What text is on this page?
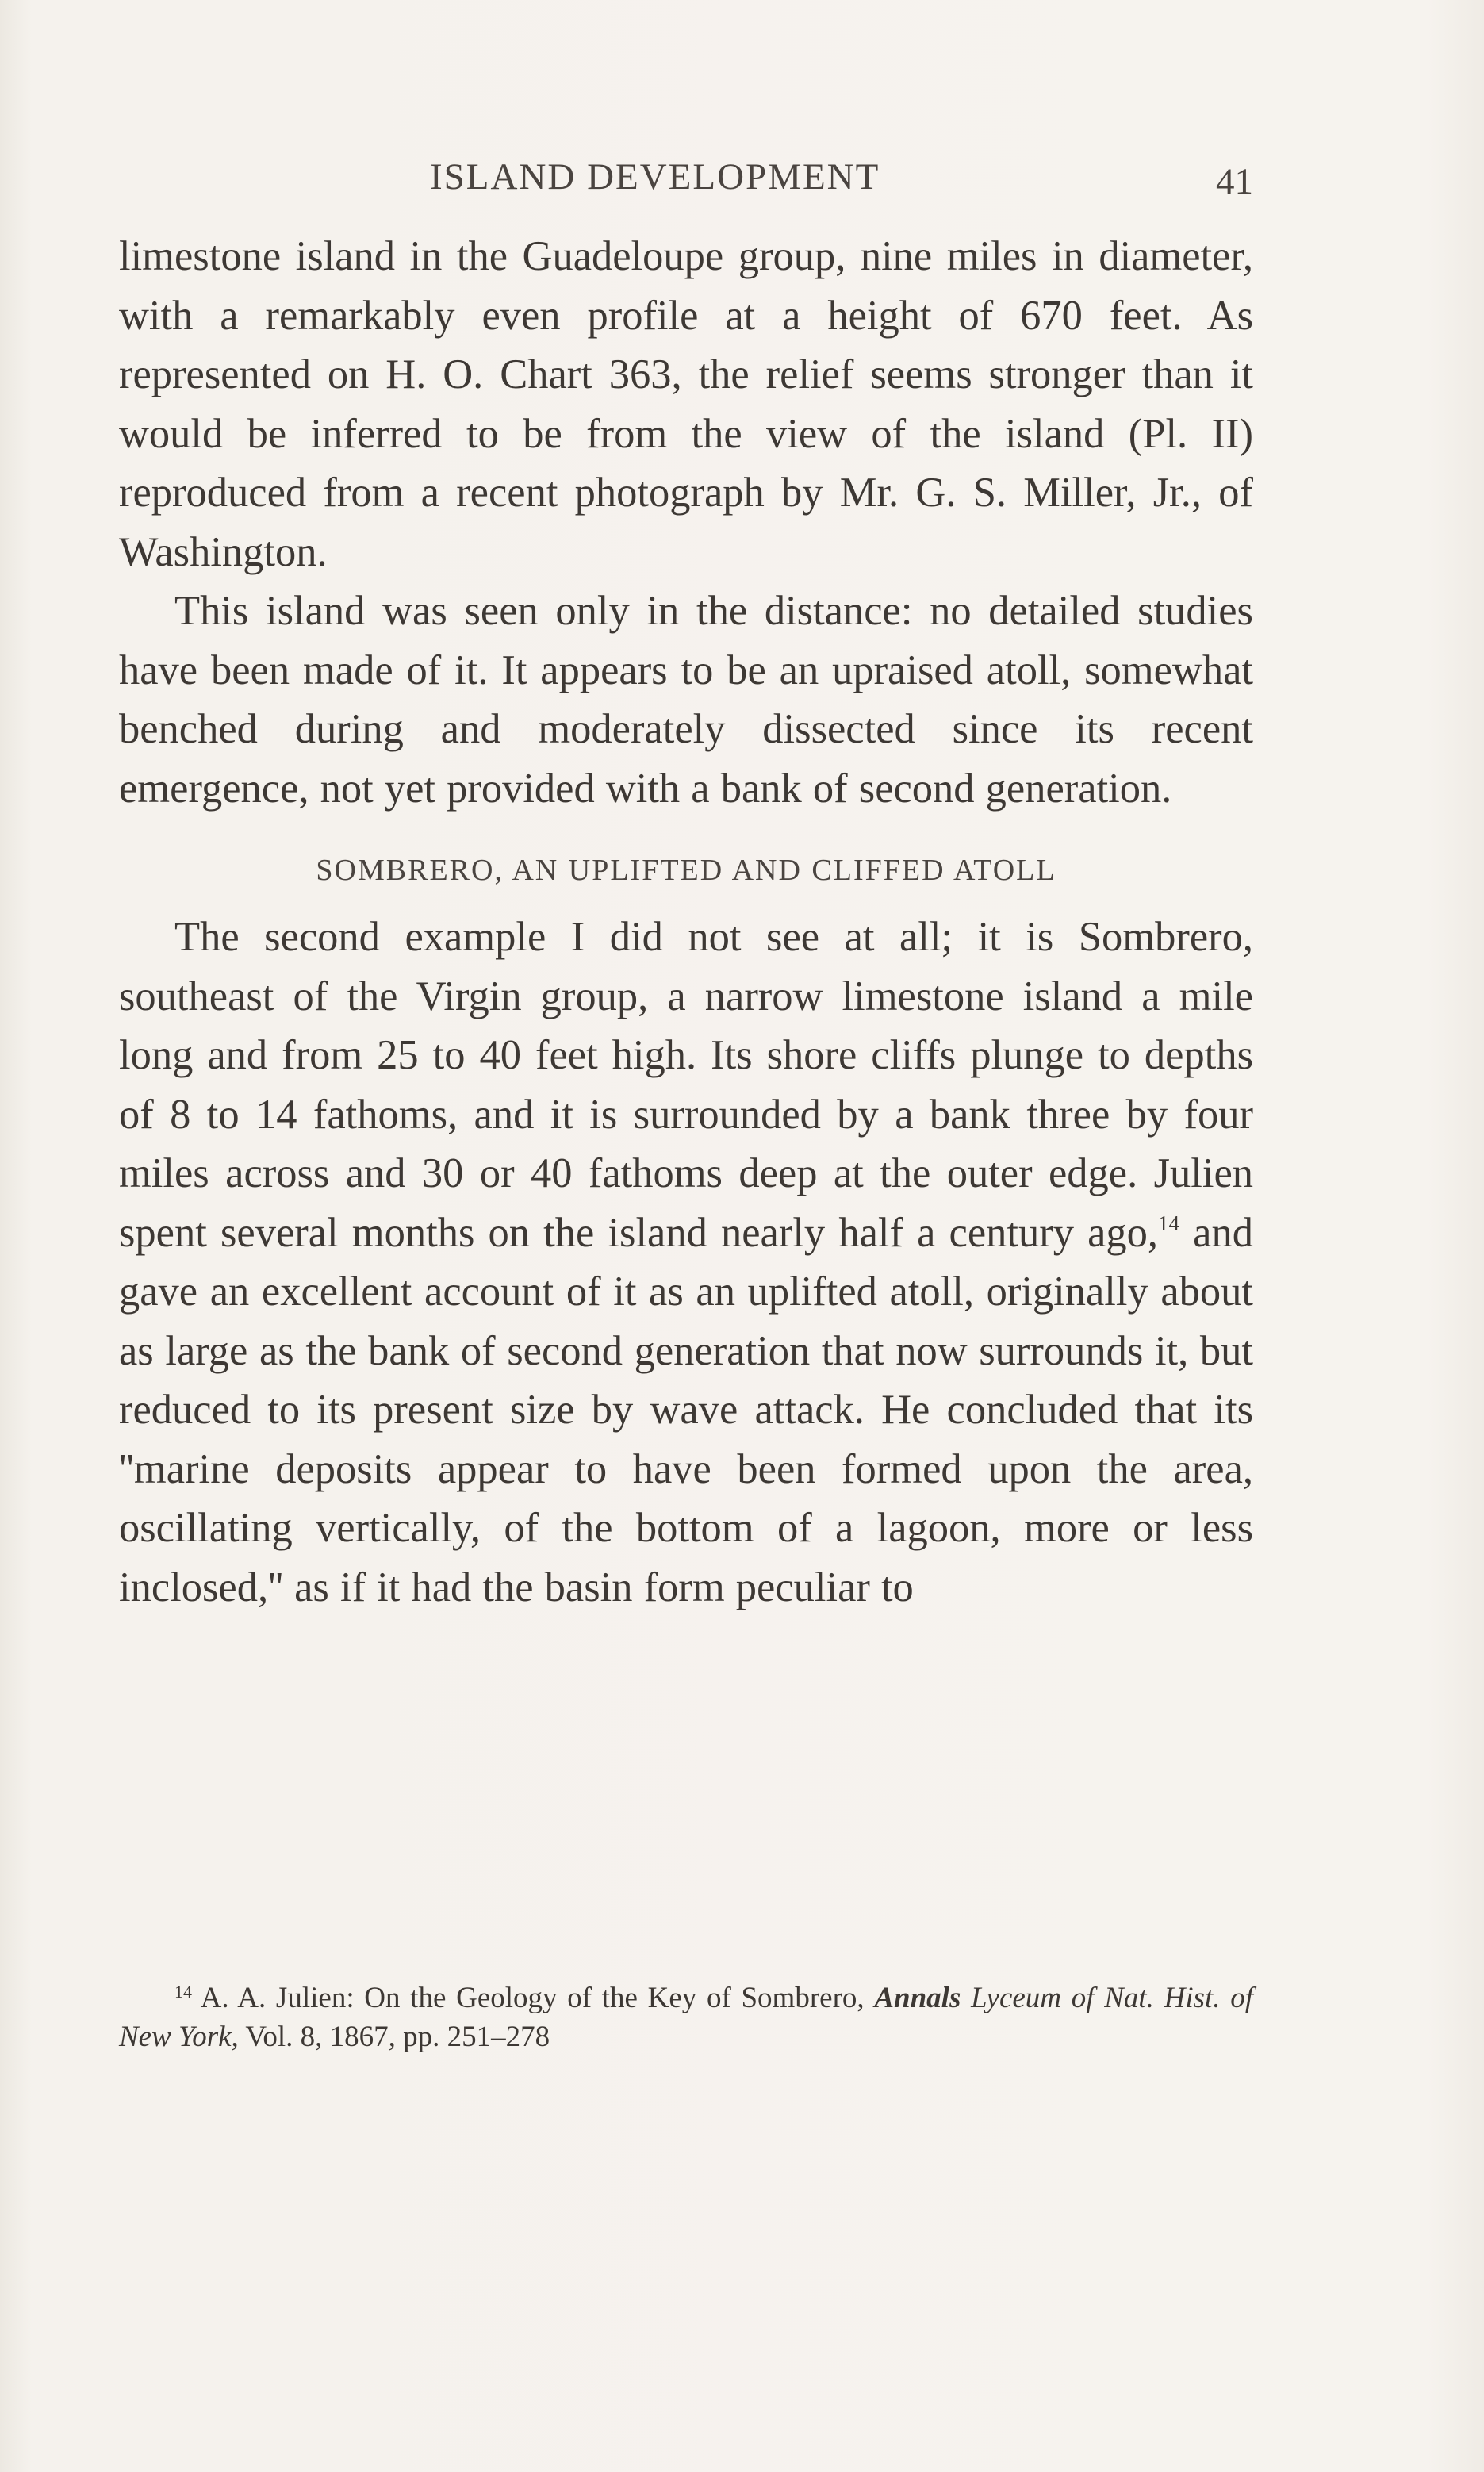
ISLAND DEVELOPMENT	41

limestone island in the Guadeloupe group, nine miles in diameter, with a remarkably even profile at a height of 670 feet. As represented on H. O. Chart 363, the relief seems stronger than it would be inferred to be from the view of the island (Pl. II) reproduced from a recent photograph by Mr. G. S. Miller, Jr., of Washington.

This island was seen only in the distance: no detailed studies have been made of it. It appears to be an upraised atoll, somewhat benched during and moderately dissected since its recent emergence, not yet provided with a bank of second generation.

SOMBRERO, AN UPLIFTED AND CLIFFED ATOLL

The second example I did not see at all; it is Sombrero, southeast of the Virgin group, a narrow limestone island a mile long and from 25 to 40 feet high. Its shore cliffs plunge to depths of 8 to 14 fathoms, and it is surrounded by a bank three by four miles across and 30 or 40 fathoms deep at the outer edge. Julien spent several months on the island nearly half a century ago,$^{14}$ and gave an excellent account of it as an uplifted atoll, originally about as large as the bank of second generation that now surrounds it, but reduced to its present size by wave attack. He concluded that its ''marine deposits appear to have been formed upon the area, oscillating vertically, of the bottom of a lagoon, more or less inclosed,'' as if it had the basin form peculiar to

$^{14}$ A. A. Julien: On the Geology of the Key of Sombrero, Annals Lyceum of Nat. Hist. of New York, Vol. 8, 1867, pp. 251–278
